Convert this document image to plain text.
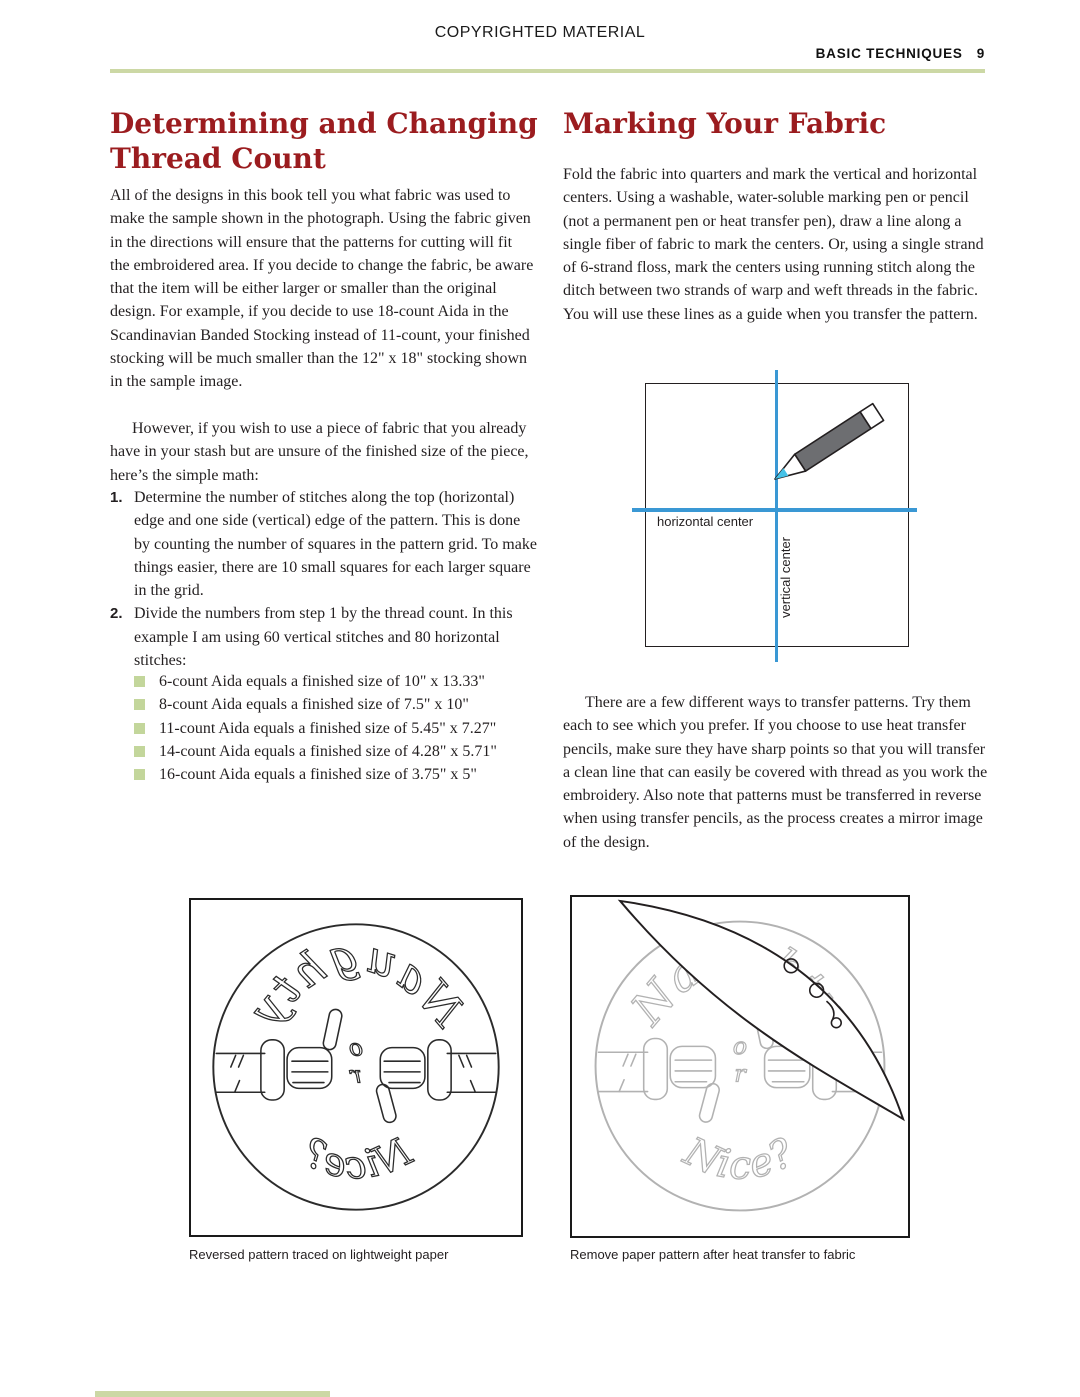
COPYRIGHTED MATERIAL
BASIC TECHNIQUES 9
Determining and Changing Thread Count
All of the designs in this book tell you what fabric was used to make the sample shown in the photograph. Using the fabric given in the directions will ensure that the patterns for cutting will fit the embroidered area. If you decide to change the fabric, be aware that the item will be either larger or smaller than the original design. For example, if you decide to use 18-count Aida in the Scandinavian Banded Stocking instead of 11-count, your finished stocking will be much smaller than the 12" x 18" stocking shown in the sample image.
However, if you wish to use a piece of fabric that you already have in your stash but are unsure of the finished size of the piece, here’s the simple math:
1. Determine the number of stitches along the top (horizontal) edge and one side (vertical) edge of the pattern. This is done by counting the number of squares in the pattern grid. To make things easier, there are 10 small squares for each larger square in the grid.
2. Divide the numbers from step 1 by the thread count. In this example I am using 60 vertical stitches and 80 horizontal stitches:
6-count Aida equals a finished size of 10" x 13.33"
8-count Aida equals a finished size of 7.5" x 10"
11-count Aida equals a finished size of 5.45" x 7.27"
14-count Aida equals a finished size of 4.28" x 5.71"
16-count Aida equals a finished size of 3.75" x 5"
Marking Your Fabric
Fold the fabric into quarters and mark the vertical and horizontal centers. Using a washable, water-soluble marking pen or pencil (not a permanent pen or heat transfer pen), draw a line along a single fiber of fabric to mark the centers. Or, using a single strand of 6-strand floss, mark the centers using running stitch along the ditch between two strands of warp and weft threads in the fabric. You will use these lines as a guide when you transfer the pattern.
horizontal center
vertical center
There are a few different ways to transfer patterns. Try them each to see which you prefer. If you choose to use heat transfer pencils, make sure they have sharp points so that you will transfer a clean line that can easily be covered with thread as you work the embroidery. Also note that patterns must be transferred in reverse when using transfer pencils, as the process creates a mirror image of the design.
Reversed pattern traced on lightweight paper	Remove paper pattern after heat transfer to fabric
